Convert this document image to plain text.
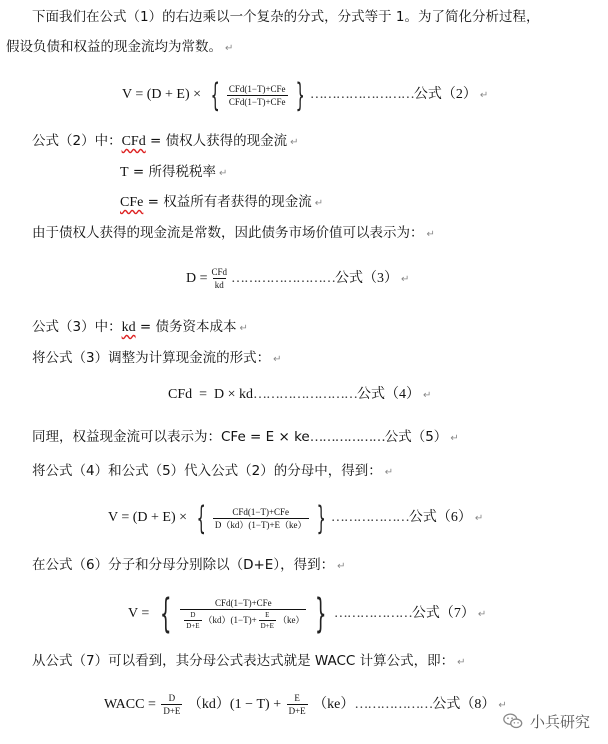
下面我们在公式（1）的右边乘以一个复杂的分式，分式等于 1。为了简化分析过程，
假设负债和权益的现金流均为常数。 ↵
V = (D + E) × { $\frac{\text{CFd(1−T)+CFe}}{\text{CFd(1−T)+CFe}}$ } ……………………公式（2） ↵
公式（2）中：CFd = 债权人获得的现金流 ↵
T = 所得税税率 ↵
CFe = 权益所有者获得的现金流 ↵
由于债权人获得的现金流是常数，因此债务市场价值可以表示为： ↵
$D = \frac{\text{CFd}}{kd}$ ……………………公式（3） ↵
公式（3）中：kd = 债务资本成本 ↵
将公式（3）调整为计算现金流的形式： ↵
CFd  =  D × kd……………………公式（4） ↵
同理，权益现金流可以表示为：CFe = E × ke………………公式（5） ↵
将公式（4）和公式（5）代入公式（2）的分母中，得到： ↵
V = (D + E) × { $\frac{\text{CFd(1−T)+CFe}}{D(kd)(1-T)+E(ke)}$ } ………………公式（6） ↵
在公式（6）分子和分母分别除以（D+E），得到： ↵
V = { $\frac{\text{CFd(1−T)+CFe}}{\frac{D}{D+E} (kd)(1-T)+ \frac{E}{D+E} (ke)}$ } ………………公式（7） ↵
从公式（7）可以看到，其分母公式表达式就是 WACC 计算公式，即： ↵
WACC = $\frac{D}{D+E} (kd)(1 - T) + \frac{E}{D+E}$ （ke）………………公式（8） ↵
小兵研究
